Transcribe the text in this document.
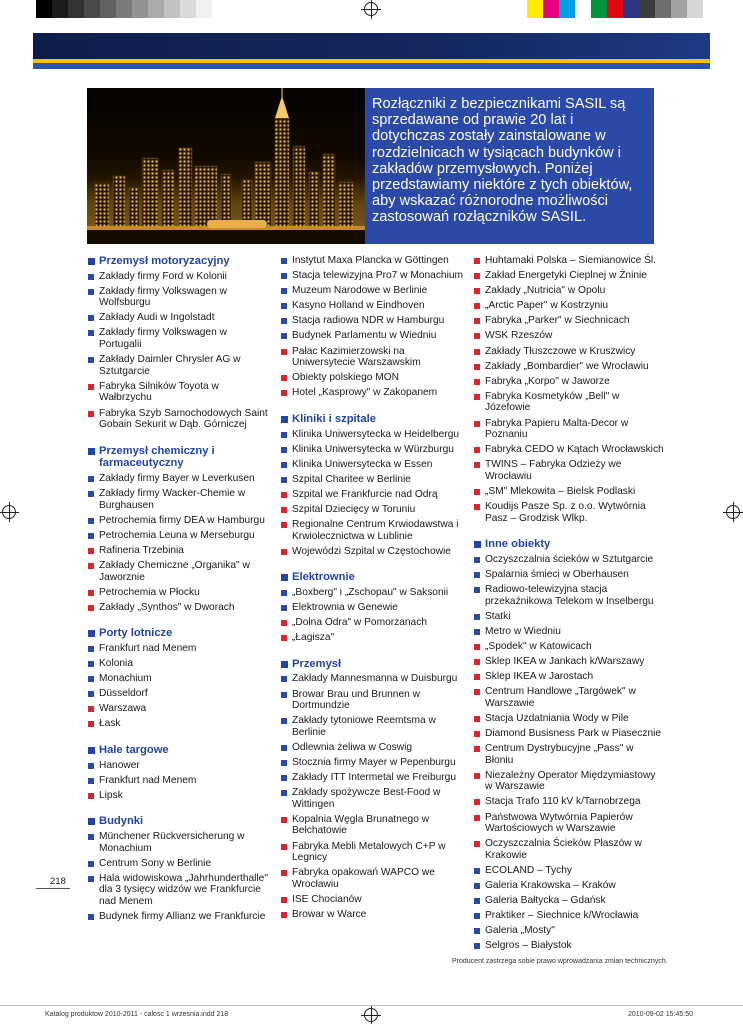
Rozłączniki z bezpiecznikami SASIL są sprzedawane od prawie 20 lat i dotychczas zostały zainstalowane w rozdzielnicach w tysiącach budynków i zakładów przemysłowych. Poniżej przedstawiamy niektóre z tych obiektów, aby wskazać różnorodne możliwości zastosowań rozłączników SASIL.

Przemysł motoryzacyjny
Zakłady firmy Ford w Kolonii
Zakłady firmy Volkswagen w Wolfsburgu
Zakłady Audi w Ingolstadt
Zakłady firmy Volkswagen w Portugalii
Zakłady Daimler Chrysler AG w Sztutgarcie
Fabryka Silników Toyota w Wałbrzychu
Fabryka Szyb Samochodowych Saint Gobain Sekurit w Dąb. Górniczej
Przemysł chemiczny i farmaceutyczny
Zakłady firmy Bayer w Leverkusen
Zakłady firmy Wacker-Chemie w Burghausen
Petrochemia firmy DEA w Hamburgu
Petrochemia Leuna w Merseburgu
Rafineria Trzebinia
Zakłady Chemiczne „Organika" w Jaworznie
Petrochemia w Płocku
Zakłady „Synthos" w Dworach
Porty lotnicze
Frankfurt nad Menem
Kolonia
Monachium
Düsseldorf
Warszawa
Łask
Hale targowe
Hanower
Frankfurt nad Menem
Lipsk
Budynki
Münchener Rückversicherung w Monachium
Centrum Sony w Berlinie
Hala widowiskowa „Jahrhunderthalle" dla 3 tysięcy widzów we Frankfurcie nad Menem
Budynek firmy Allianz we Frankfurcie
Instytut Maxa Plancka w Göttingen
Stacja telewizyjna Pro7 w Monachium
Muzeum Narodowe w Berlinie
Kasyno Holland w Eindhoven
Stacja radiowa NDR w Hamburgu
Budynek Parlamentu w Wiedniu
Pałac Kazimierzowski na Uniwersytecie Warszawskim
Obiekty polskiego MON
Hotel „Kasprowy" w Zakopanem
Kliniki i szpitale
Klinika Uniwersytecka w Heidelbergu
Klinika Uniwersytecka w Würzburgu
Klinika Uniwersytecka w Essen
Szpital Charitee w Berlinie
Szpital we Frankfurcie nad Odrą
Szpital Dziecięcy w Toruniu
Regionalne Centrum Krwiodawstwa i Krwiolecznictwa w Lublinie
Wojewódzi Szpital w Częstochowie
Elektrownie
„Boxberg" i „Zschopau" w Saksonii
Elektrownia w Genewie
„Dolna Odra" w Pomorzanach
„Łagisza"
Przemysł
Zakłady Mannesmanna w Duisburgu
Browar Brau und Brunnen w Dortmundzie
Zakłady tytoniowe Reemtsma w Berlinie
Odlewnia żeliwa w Coswig
Stocznia firmy Mayer w Pepenburgu
Zakłady ITT Intermetal we Freiburgu
Zakłady spożywcze Best-Food w Wittingen
Kopalnia Węgla Brunatnego w Bełchatowie
Fabryka Mebli Metalowych C+P w Legnicy
Fabryka opakowań WAPCO we Wrocławiu
ISE Chocianów
Browar w Warce
Huhtamaki Polska – Siemianowice Śl.
Zakład Energetyki Cieplnej w Żninie
Zakłady „Nutricia" w Opolu
„Arctic Paper" w Kostrzyniu
Fabryka „Parker" w Siechnicach
WSK Rzeszów
Zakłady Tłuszczowe w Kruszwicy
Zakłady „Bombardier" we Wrocławiu
Fabryka „Korpo" w Jaworze
Fabryka Kosmetyków „Bell" w Józefowie
Fabryka Papieru Malta-Decor w Poznaniu
Fabryka CEDO w Kątach Wrocławskich
TWINS – Fabryka Odzieży we Wrocławiu
„SM" Mlekowita – Bielsk Podlaski
Koudijs Pasze Sp. z o.o. Wytwórnia Pasz – Grodzisk Wlkp.
Inne obiekty
Oczyszczalnia ścieków w Sztutgarcie
Spalarnia śmieci w Oberhausen
Radiowo-telewizyjna stacja przekaźnikowa Telekom w Inselbergu
Statki
Metro w Wiedniu
„Spodek" w Katowicach
Sklep IKEA w Jankach k/Warszawy
Sklep IKEA w Jarostach
Centrum Handlowe „Targówek" w Warszawie
Stacja Uzdatniania Wody w Pile
Diamond Busisness Park w Piasecznie
Centrum Dystrybucyjne „Pass" w Błoniu
Niezależny Operator Międzymiastowy w Warszawie
Stacja Trafo 110 kV k/Tarnobrzega
Państwowa Wytwórnia Papierów Wartościowych w Warszawie
Oczyszczalnia Ścieków Płaszów w Krakowie
ECOLAND – Tychy
Galeria Krakowska – Kraków
Galeria Bałtycka – Gdańsk
Praktiker – Siechnice k/Wrocławia
Galeria „Mosty"
Selgros – Białystok
218
Producent zastrzega sobie prawo wprowadzania zmian technicznych.
Katalog produktow 2010-2011 - calosc 1 wrzesnia.indd 218	2010-09-02 15:45:50
